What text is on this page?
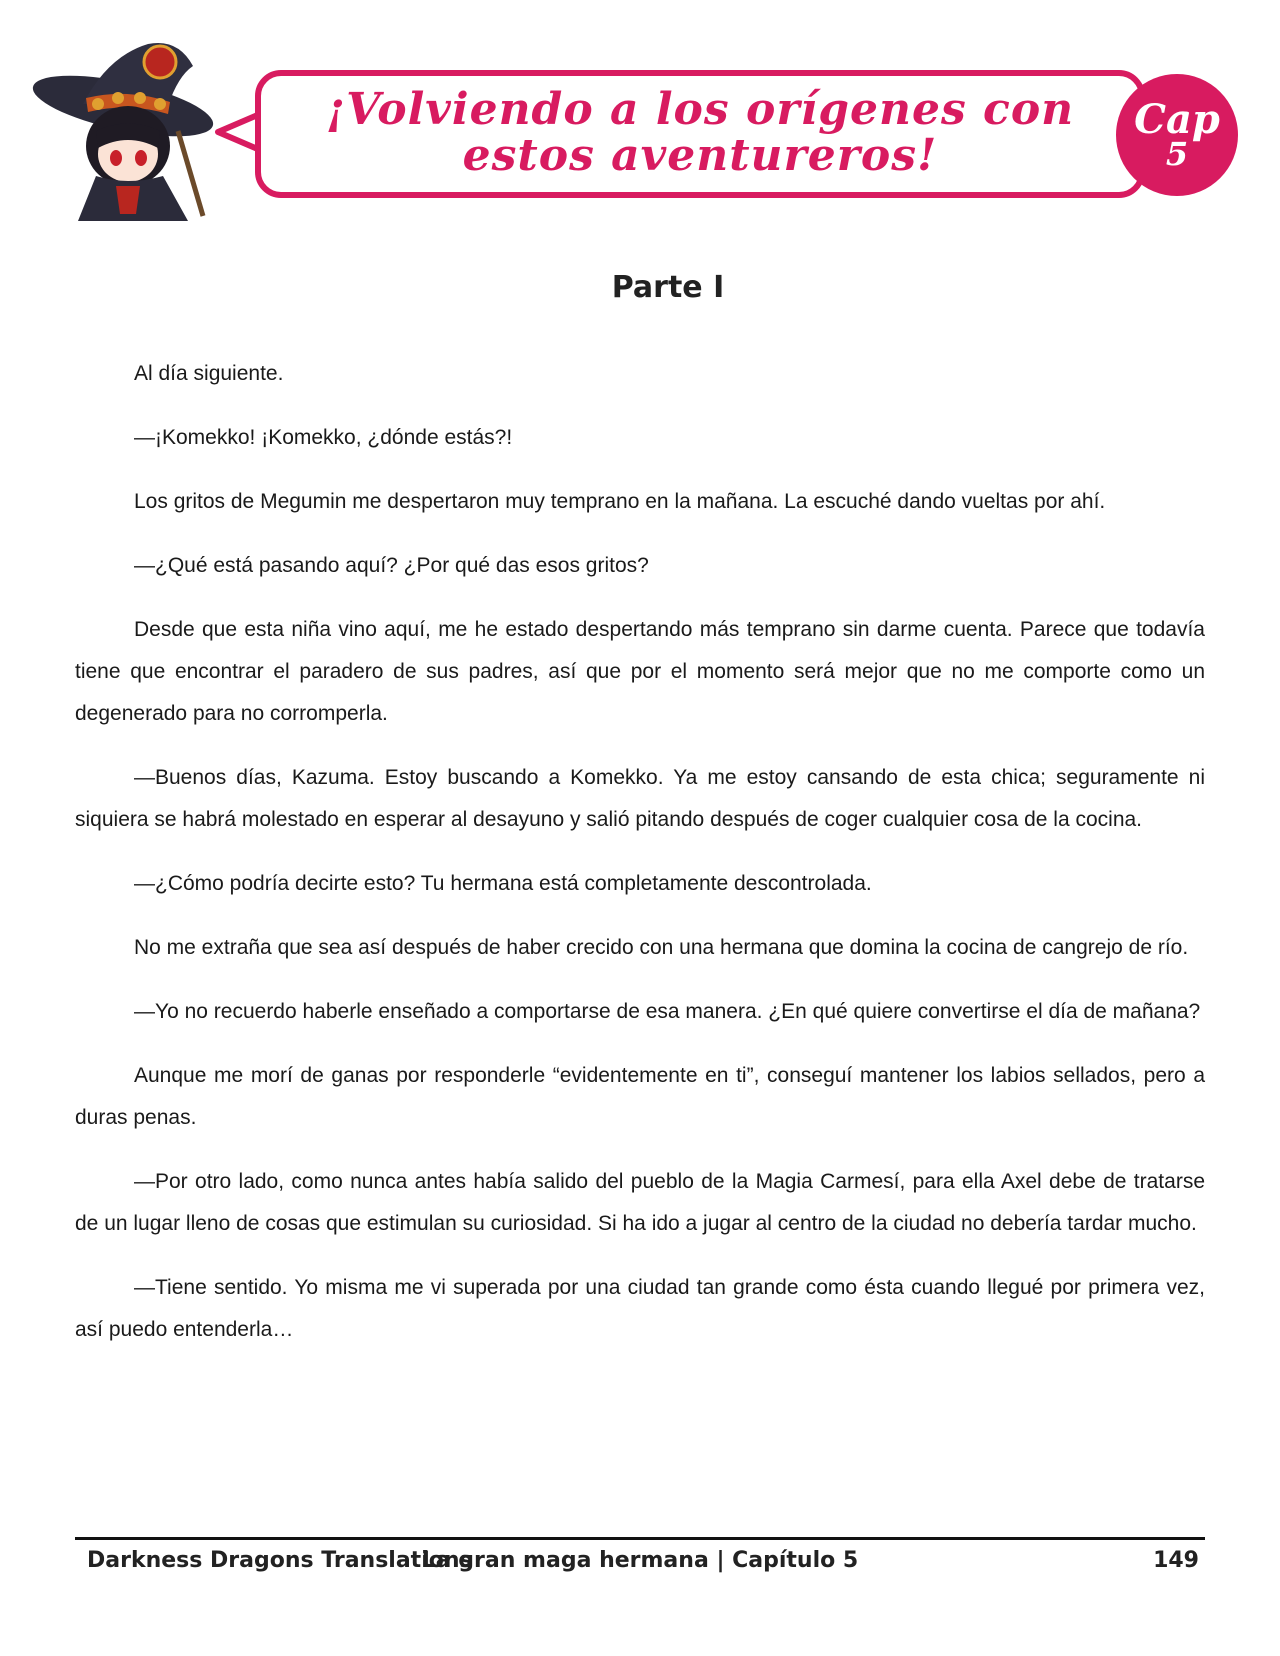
¡Volviendo a los orígenes con
estos aventureros!
Cap
5
Parte I

Al día siguiente.

—¡Komekko! ¡Komekko, ¿dónde estás?!

Los gritos de Megumin me despertaron muy temprano en la mañana. La escuché dando vueltas por ahí.

—¿Qué está pasando aquí? ¿Por qué das esos gritos?

Desde que esta niña vino aquí, me he estado despertando más temprano sin darme cuenta. Parece que todavía tiene que encontrar el paradero de sus padres, así que por el momento será mejor que no me comporte como un degenerado para no corromperla.

—Buenos días, Kazuma. Estoy buscando a Komekko. Ya me estoy cansando de esta chica; seguramente ni siquiera se habrá molestado en esperar al desayuno y salió pitando después de coger cualquier cosa de la cocina.

—¿Cómo podría decirte esto? Tu hermana está completamente descontrolada.

No me extraña que sea así después de haber crecido con una hermana que domina la cocina de cangrejo de río.

—Yo no recuerdo haberle enseñado a comportarse de esa manera. ¿En qué quiere convertirse el día de mañana?

Aunque me morí de ganas por responderle “evidentemente en ti”, conseguí mantener los labios sellados, pero a duras penas.

—Por otro lado, como nunca antes había salido del pueblo de la Magia Carmesí, para ella Axel debe de tratarse de un lugar lleno de cosas que estimulan su curiosidad. Si ha ido a jugar al centro de la ciudad no debería tardar mucho.

—Tiene sentido. Yo misma me vi superada por una ciudad tan grande como ésta cuando llegué por primera vez, así puedo entenderla…

Darkness Dragons Translations
La gran maga hermana | Capítulo 5	149
